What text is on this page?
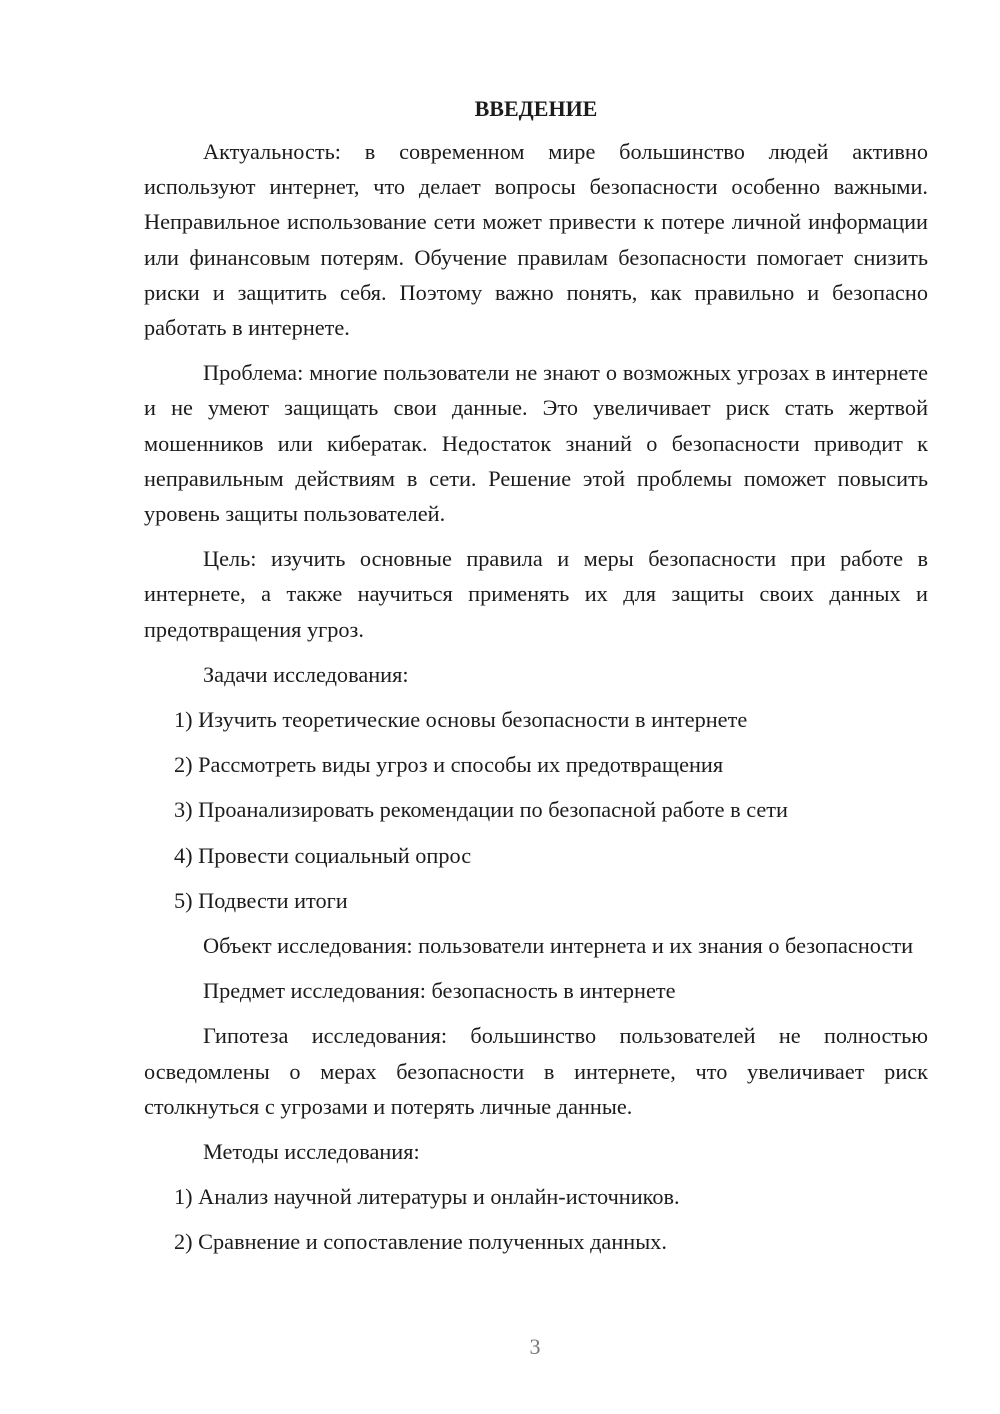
ВВЕДЕНИЕ

Актуальность: в современном мире большинство людей активно используют интернет, что делает вопросы безопасности особенно важными. Неправильное использование сети может привести к потере личной информации или финансовым потерям. Обучение правилам безопасности помогает снизить риски и защитить себя. Поэтому важно понять, как правильно и безопасно работать в интернете.

Проблема: многие пользователи не знают о возможных угрозах в интернете и не умеют защищать свои данные. Это увеличивает риск стать жертвой мошенников или кибератак. Недостаток знаний о безопасности приводит к неправильным действиям в сети. Решение этой проблемы поможет повысить уровень защиты пользователей.

Цель: изучить основные правила и меры безопасности при работе в интернете, а также научиться применять их для защиты своих данных и предотвращения угроз.

Задачи исследования:
1) Изучить теоретические основы безопасности в интернете
2) Рассмотреть виды угроз и способы их предотвращения
3) Проанализировать рекомендации по безопасной работе в сети
4) Провести социальный опрос
5) Подвести итоги

Объект исследования: пользователи интернета и их знания о безопасности

Предмет исследования: безопасность в интернете

Гипотеза исследования: большинство пользователей не полностью осведомлены о мерах безопасности в интернете, что увеличивает риск столкнуться с угрозами и потерять личные данные.

Методы исследования:
1) Анализ научной литературы и онлайн-источников.
2) Сравнение и сопоставление полученных данных.
3
